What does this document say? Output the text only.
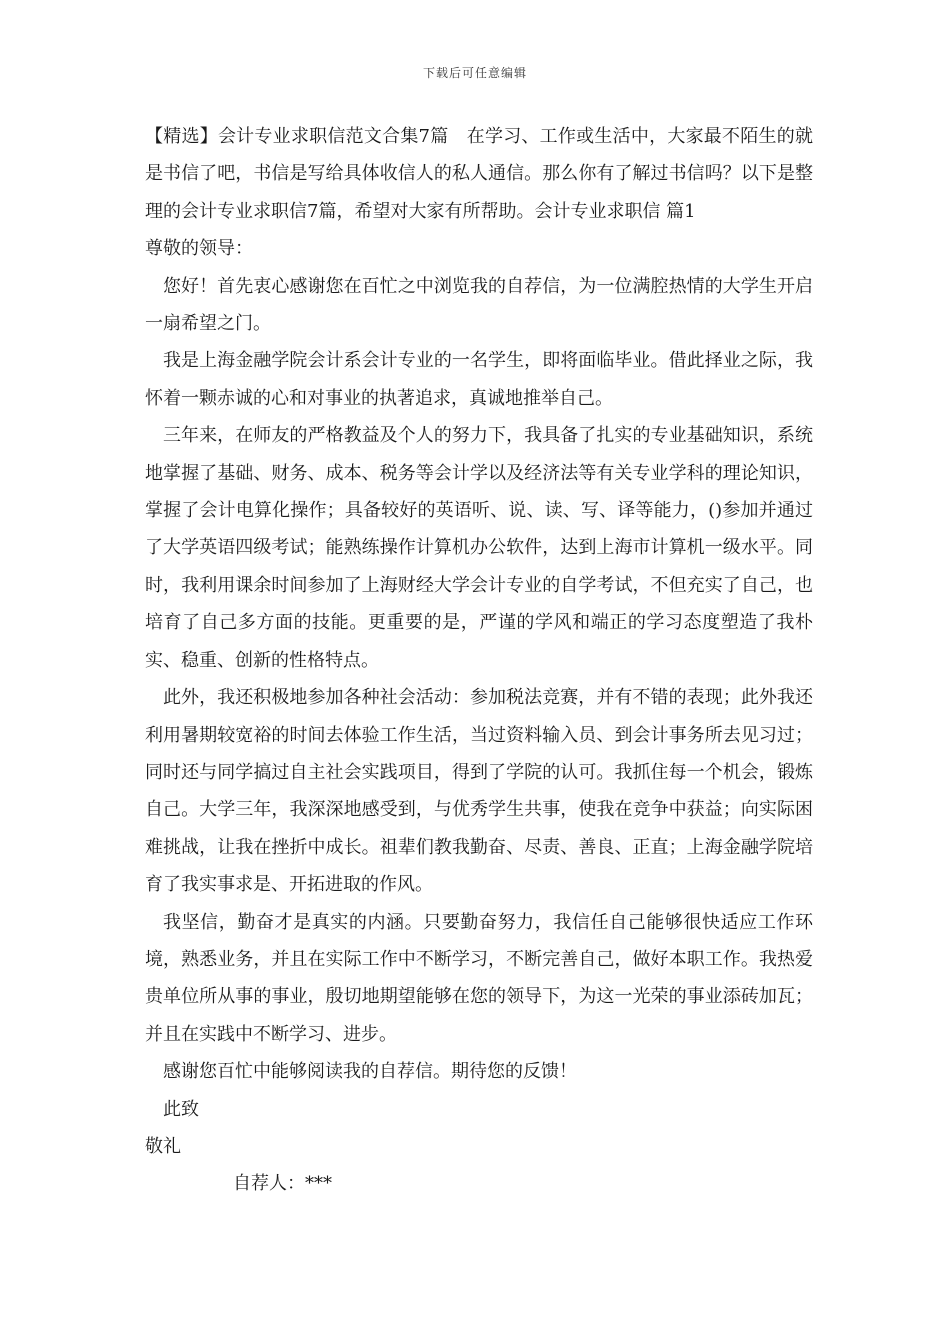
下载后可任意编辑

【精选】会计专业求职信范文合集7篇　在学习、工作或生活中，大家最不陌生的就是书信了吧，书信是写给具体收信人的私人通信。那么你有了解过书信吗？以下是整理的会计专业求职信7篇，希望对大家有所帮助。会计专业求职信 篇1

尊敬的领导：

您好！首先衷心感谢您在百忙之中浏览我的自荐信，为一位满腔热情的大学生开启一扇希望之门。

我是上海金融学院会计系会计专业的一名学生，即将面临毕业。借此择业之际，我怀着一颗赤诚的心和对事业的执著追求，真诚地推举自己。

三年来，在师友的严格教益及个人的努力下，我具备了扎实的专业基础知识，系统地掌握了基础、财务、成本、税务等会计学以及经济法等有关专业学科的理论知识，掌握了会计电算化操作；具备较好的英语听、说、读、写、译等能力，()参加并通过了大学英语四级考试；能熟练操作计算机办公软件，达到上海市计算机一级水平。同时，我利用课余时间参加了上海财经大学会计专业的自学考试，不但充实了自己，也培育了自己多方面的技能。更重要的是，严谨的学风和端正的学习态度塑造了我朴实、稳重、创新的性格特点。

此外，我还积极地参加各种社会活动：参加税法竞赛，并有不错的表现；此外我还利用暑期较宽裕的时间去体验工作生活，当过资料输入员、到会计事务所去见习过；同时还与同学搞过自主社会实践项目，得到了学院的认可。我抓住每一个机会，锻炼自己。大学三年，我深深地感受到，与优秀学生共事，使我在竞争中获益；向实际困难挑战，让我在挫折中成长。祖辈们教我勤奋、尽责、善良、正直；上海金融学院培育了我实事求是、开拓进取的作风。

我坚信，勤奋才是真实的内涵。只要勤奋努力，我信任自己能够很快适应工作环境，熟悉业务，并且在实际工作中不断学习，不断完善自己，做好本职工作。我热爱贵单位所从事的事业，殷切地期望能够在您的领导下，为这一光荣的事业添砖加瓦；并且在实践中不断学习、进步。

感谢您百忙中能够阅读我的自荐信。期待您的反馈！

此致

敬礼

自荐人：***
